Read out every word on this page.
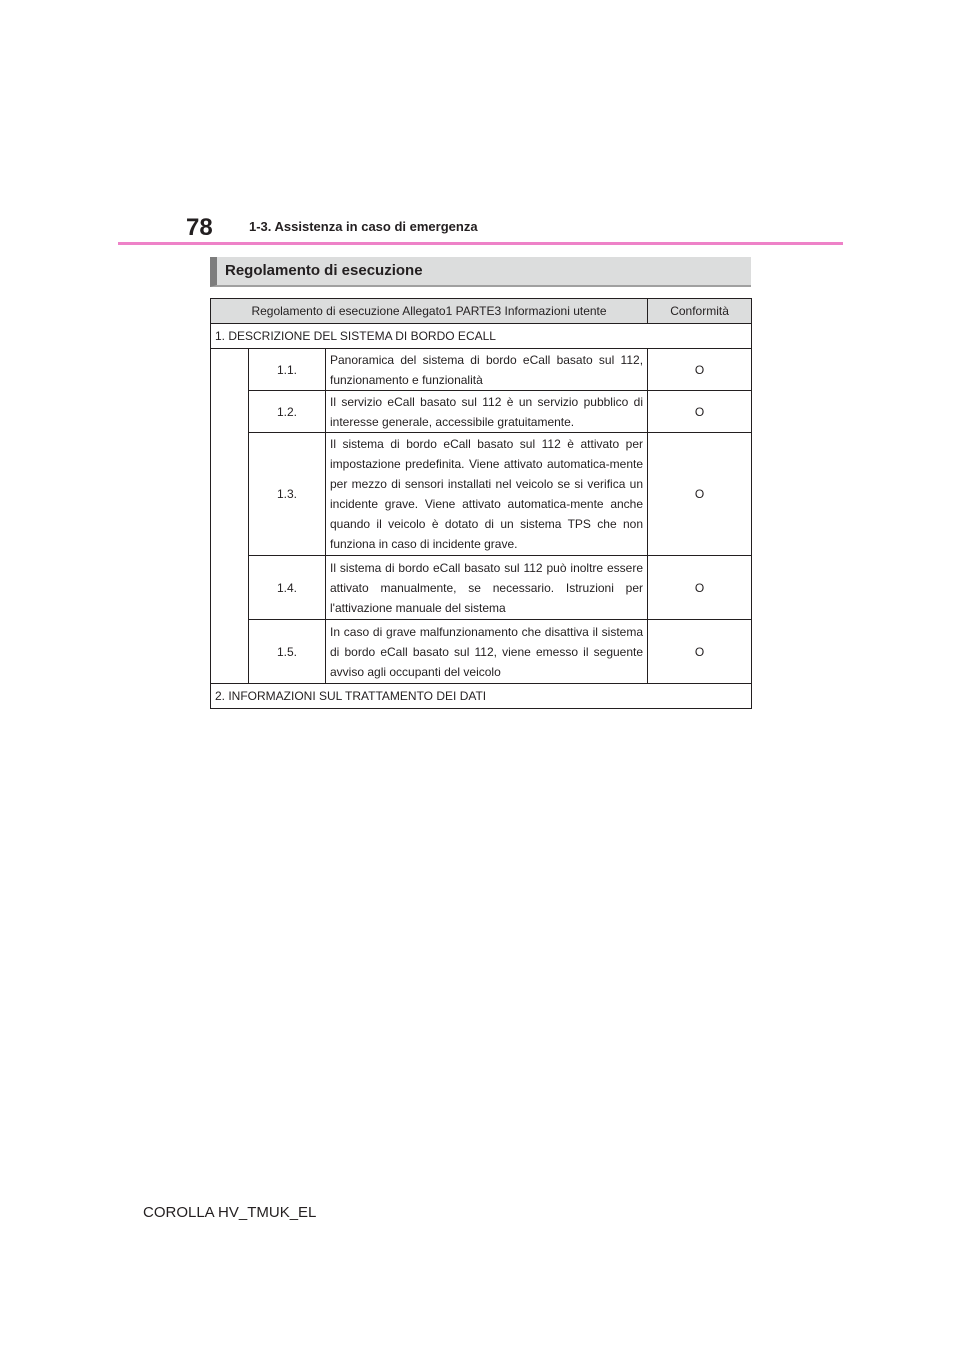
78	1-3. Assistenza in caso di emergenza
Regolamento di esecuzione
Regolamento di esecuzione Allegato1 PARTE3 Informazioni utente			Conformità
1. DESCRIZIONE DEL SISTEMA DI BORDO ECALL			
	1.1.	Panoramica del sistema di bordo eCall basato sul 112, funzionamento e funzionalità	O
	1.2.	Il servizio eCall basato sul 112 è un servizio pubblico di interesse generale, accessibile gratuitamente.	O
	1.3.	Il sistema di bordo eCall basato sul 112 è attivato per impostazione predefinita. Viene attivato automatica-mente per mezzo di sensori installati nel veicolo se si verifica un incidente grave. Viene attivato automatica-mente anche quando il veicolo è dotato di un sistema TPS che non funziona in caso di incidente grave.	O
	1.4.	Il sistema di bordo eCall basato sul 112 può inoltre essere attivato manualmente, se necessario. Istruzioni per l'attivazione manuale del sistema	O
	1.5.	In caso di grave malfunzionamento che disattiva il sistema di bordo eCall basato sul 112, viene emesso il seguente avviso agli occupanti del veicolo	O
2. INFORMAZIONI SUL TRATTAMENTO DEI DATI			
COROLLA HV_TMUK_EL
